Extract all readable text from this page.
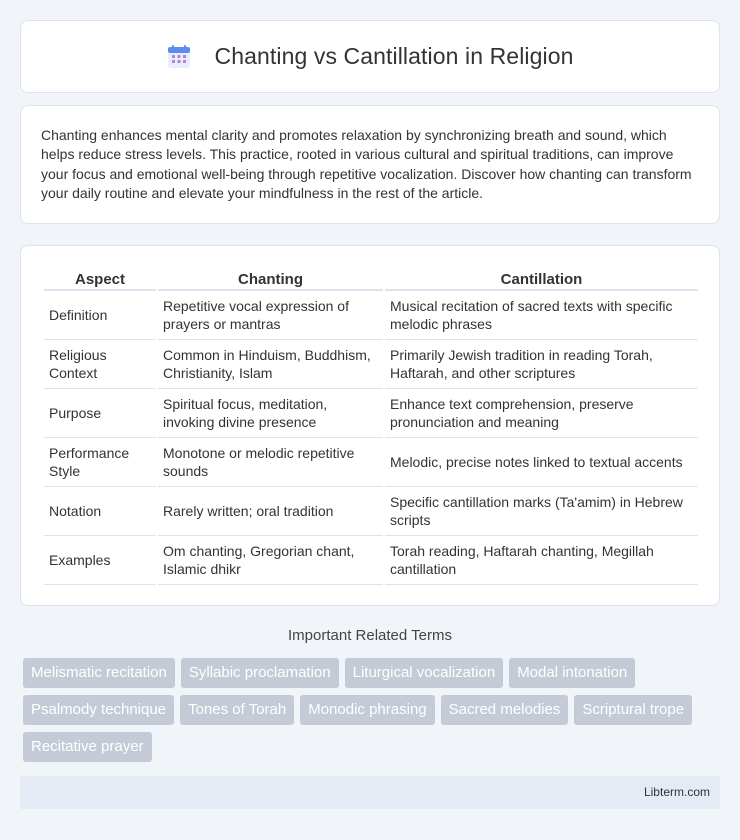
Chanting vs Cantillation in Religion

Chanting enhances mental clarity and promotes relaxation by synchronizing breath and sound, which helps reduce stress levels. This practice, rooted in various cultural and spiritual traditions, can improve your focus and emotional well-being through repetitive vocalization. Discover how chanting can transform your daily routine and elevate your mindfulness in the rest of the article.

Aspect	Chanting	Cantillation
Definition	Repetitive vocal expression of prayers or mantras	Musical recitation of sacred texts with specific melodic phrases
Religious Context	Common in Hinduism, Buddhism, Christianity, Islam	Primarily Jewish tradition in reading Torah, Haftarah, and other scriptures
Purpose	Spiritual focus, meditation, invoking divine presence	Enhance text comprehension, preserve pronunciation and meaning
Performance Style	Monotone or melodic repetitive sounds	Melodic, precise notes linked to textual accents
Notation	Rarely written; oral tradition	Specific cantillation marks (Ta'amim) in Hebrew scripts
Examples	Om chanting, Gregorian chant, Islamic dhikr	Torah reading, Haftarah chanting, Megillah cantillation
Important Related Terms
Melismatic recitation	Syllabic proclamation	Liturgical vocalization	Modal intonation
Psalmody technique	Tones of Torah	Monodic phrasing	Sacred melodies	Scriptural trope
Recitative prayer
Libterm.com
